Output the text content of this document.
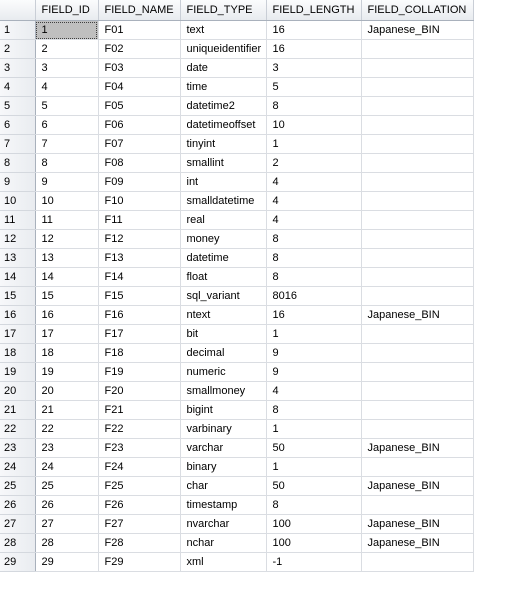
	FIELD_ID	FIELD_NAME	FIELD_TYPE	FIELD_LENGTH	FIELD_COLLATION
1	1	F01	text	16	Japanese_BIN
2	2	F02	uniqueidentifier	16	
3	3	F03	date	3	
4	4	F04	time	5	
5	5	F05	datetime2	8	
6	6	F06	datetimeoffset	10	
7	7	F07	tinyint	1	
8	8	F08	smallint	2	
9	9	F09	int	4	
10	10	F10	smalldatetime	4	
11	11	F11	real	4	
12	12	F12	money	8	
13	13	F13	datetime	8	
14	14	F14	float	8	
15	15	F15	sql_variant	8016	
16	16	F16	ntext	16	Japanese_BIN
17	17	F17	bit	1	
18	18	F18	decimal	9	
19	19	F19	numeric	9	
20	20	F20	smallmoney	4	
21	21	F21	bigint	8	
22	22	F22	varbinary	1	
23	23	F23	varchar	50	Japanese_BIN
24	24	F24	binary	1	
25	25	F25	char	50	Japanese_BIN
26	26	F26	timestamp	8	
27	27	F27	nvarchar	100	Japanese_BIN
28	28	F28	nchar	100	Japanese_BIN
29	29	F29	xml	-1	
